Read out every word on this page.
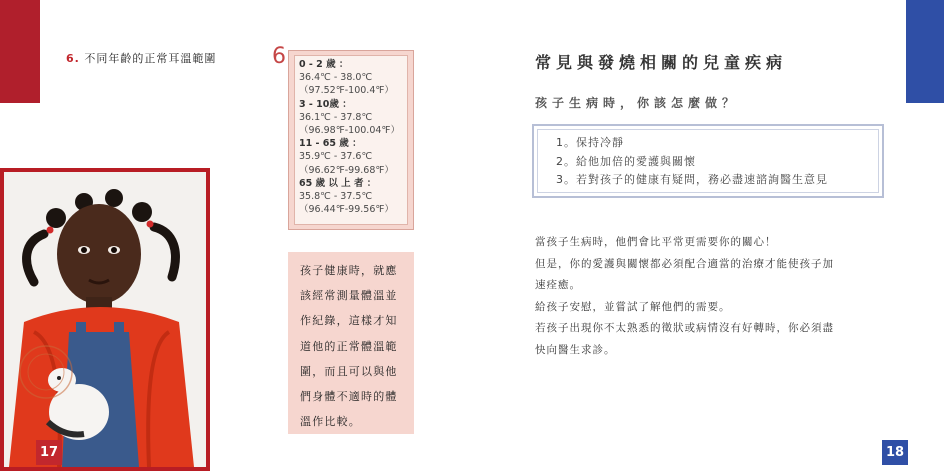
6. 不同年齡的正常耳溫範圍
17
6 0 - 2 歲 ：
36.4℃ - 38.0℃
（97.52℉-100.4℉）
3 - 10歲 ：
36.1℃ - 37.8℃
（96.98℉-100.04℉）
11 - 65 歲 ：
35.9℃ - 37.6℃
（96.62℉-99.68℉）
65 歲 以 上 者 ：
35.8℃ - 37.5℃
（96.44℉-99.56℉）
孩子健康時，就應
該經常測量體溫並
作紀錄，這樣才知
道他的正常體溫範
圍，而且可以與他
們身體不適時的體
溫作比較。
常見與發燒相關的兒童疾病
孩子生病時，你該怎麼做？
1。保持冷靜
2。給他加倍的愛護與關懷
3。若對孩子的健康有疑問，務必盡速諮詢醫生意見
當孩子生病時，他們會比平常更需要你的關心！
但是，你的愛護與關懷都必須配合適當的治療才能使孩子加
速痊癒。
給孩子安慰，並嘗試了解他們的需要。
若孩子出現你不太熟悉的徵狀或病情沒有好轉時，你必須盡
快向醫生求診。
18
